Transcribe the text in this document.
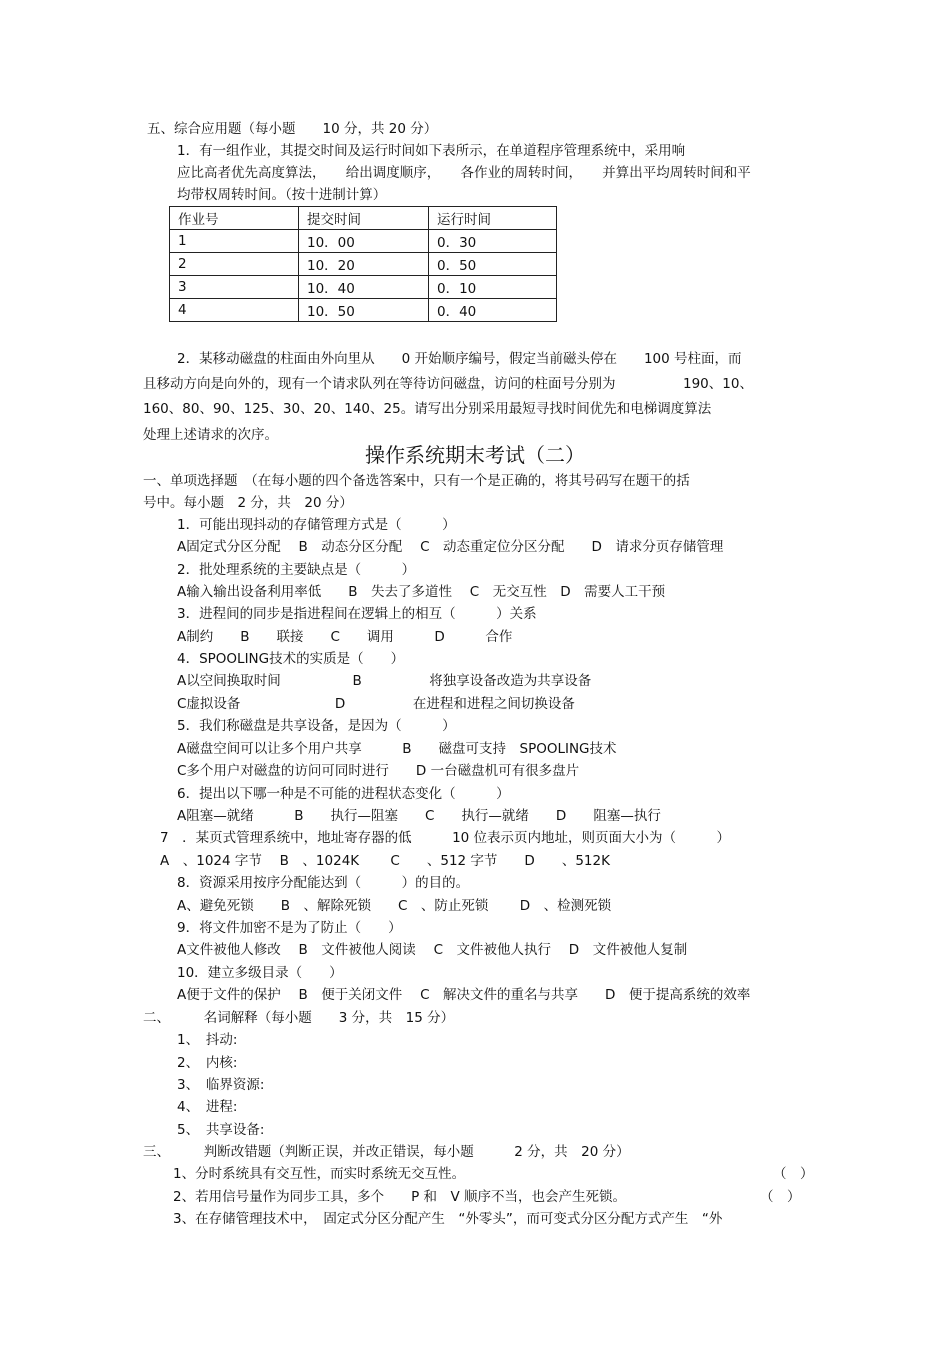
五、综合应用题（每小题　　10 分，共 20 分）
1．有一组作业，其提交时间及运行时间如下表所示，在单道程序管理系统中，采用响
应比高者优先高度算法，　　给出调度顺序，　　各作业的周转时间，　　并算出平均周转时间和平
均带权周转时间。（按十进制计算）
作业号	提交时间	运行时间
1	10．00	0．30
2	10．20	0．50
3	10．40	0．10
4	10．50	0．40
2．某移动磁盘的柱面由外向里从　　0 开始顺序编号，假定当前磁头停在　　100 号柱面，而
且移动方向是向外的，现有一个请求队列在等待访问磁盘，访问的柱面号分别为　　　　　190、10、
160、80、90、125、30、20、140、25。请写出分别采用最短寻找时间优先和电梯调度算法
处理上述请求的次序。
操作系统期末考试（二）
一、单项选择题　（在每小题的四个备选答案中，只有一个是正确的，将其号码写在题干的括
号中。每小题　2 分，共　20 分）
1．可能出现抖动的存储管理方式是（　　　）
A固定式分区分配　 B　动态分区分配　 C　动态重定位分区分配　　D　请求分页存储管理
2．批处理系统的主要缺点是（　　　）
A输入输出设备利用率低　　B　失去了多道性　 C　无交互性　D　需要人工干预
3．进程间的同步是指进程间在逻辑上的相互（　　　）关系
A制约　　B　　联接　　C　　调用　　　D　　　合作
4．SPOOLING技术的实质是（　　）
A以空间换取时间　　　　　 B　　　　　将独享设备改造为共享设备
C虚拟设备　　　　　　　D　　　　　在进程和进程之间切换设备
5．我们称磁盘是共享设备，是因为（　　　）
A磁盘空间可以让多个用户共享　　　B　　磁盘可支持　SPOOLING技术
C多个用户对磁盘的访问可同时进行　　D 一台磁盘机可有很多盘片
6．提出以下哪一种是不可能的进程状态变化（　　　）
A阻塞—就绪　　　B　　执行—阻塞　　C　　执行—就绪　　D　　阻塞—执行
7　．某页式管理系统中，地址寄存器的低　　　10 位表示页内地址，则页面大小为（　　　）
A　、1024 字节　 B　、1024K　　 C　　、512 字节　　D　　、512K
8．资源采用按序分配能达到（　　　）的目的。
A、避免死锁　　B　、解除死锁　　C　、防止死锁　　 D　、检测死锁
9．将文件加密不是为了防止（　　）
A文件被他人修改　 B　文件被他人阅读　 C　文件被他人执行　 D　文件被他人复制
10．建立多级目录（　　）
A便于文件的保护　 B　便于关闭文件　 C　解决文件的重名与共享　　D　便于提高系统的效率
二、　　　名词解释（每小题　　3 分，共　15 分）
1、　抖动:
2、　内核:
3、　临界资源:
4、　进程:
5、　共享设备:
三、　　　判断改错题（判断正误，并改正错误，每小题　　　2 分，共　20 分）
1、分时系统具有交互性，而实时系统无交互性。	（　）
2、若用信号量作为同步工具，多个　　P 和　V 顺序不当，也会产生死锁。	（　）
3、在存储管理技术中，　固定式分区分配产生　“外零头”，而可变式分区分配方式产生　“外
